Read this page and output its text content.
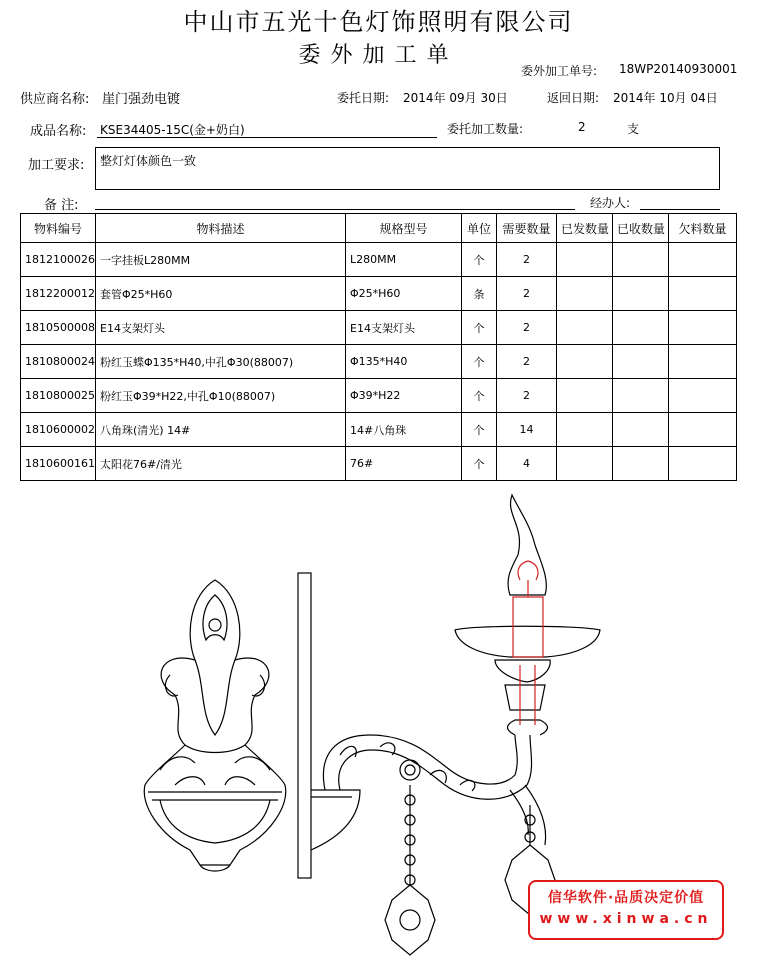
中山市五光十色灯饰照明有限公司
委外加工单
委外加工单号: 18WP20140930001
供应商名称: 崖门强劲电镀	委托日期: 2014年 09月 30日	返回日期: 2014年 10月 04日
成品名称: KSE34405-15C(金+奶白)	委托加工数量:	2	支
加工要求: 整灯灯体颜色一致
备 注:	经办人:
物料编号	物料描述	规格型号	单位	需要数量	已发数量	已收数量	欠料数量
1812100026	一字挂板L280MM	L280MM	个	2			
1812200012	套管Φ25*H60	Φ25*H60	条	2			
1810500008	E14支架灯头	E14支架灯头	个	2			
1810800024	粉红玉蝶Φ135*H40,中孔Φ30(88007)	Φ135*H40	个	2			
1810800025	粉红玉Φ39*H22,中孔Φ10(88007)	Φ39*H22	个	2			
1810600002	八角珠(清光) 14#	14#八角珠	个	14			
1810600161	太阳花76#/清光	76#	个	4			
信华软件·品质决定价值
www.xinwa.cn
